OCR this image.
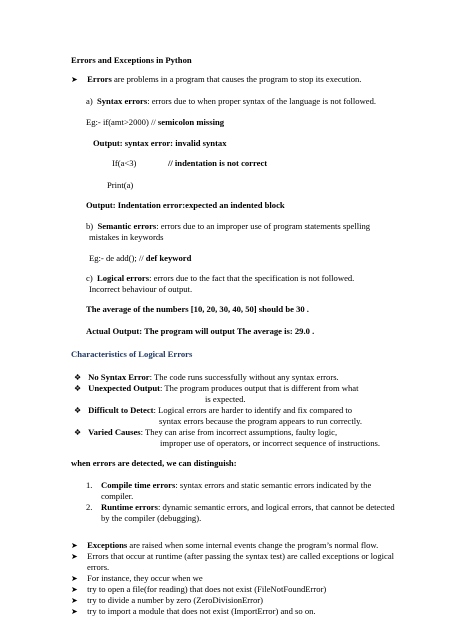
Errors and Exceptions in Python
➤ Errors are problems in a program that causes the program to stop its execution.
a) Syntax errors: errors due to when proper syntax of the language is not followed.
Eg:- if(amt>2000) // semicolon missing
Output: syntax error: invalid syntax
If(a<3)	// indentation is not correct
Print(a)
Output: Indentation error:expected an indented block
b) Semantic errors: errors due to an improper use of program statements spelling
mistakes in keywords
Eg:- de add(); // def keyword
c) Logical errors: errors due to the fact that the specification is not followed.
Incorrect behaviour of output.
The average of the numbers [10, 20, 30, 40, 50] should be 30 .
Actual Output: The program will output The average is: 29.0 .
Characteristics of Logical Errors
❖ No Syntax Error: The code runs successfully without any syntax errors.
❖ Unexpected Output: The program produces output that is different from what
is expected.
❖ Difficult to Detect: Logical errors are harder to identify and fix compared to
syntax errors because the program appears to run correctly.
❖ Varied Causes: They can arise from incorrect assumptions, faulty logic,
improper use of operators, or incorrect sequence of instructions.
when errors are detected, we can distinguish:
1. Compile time errors: syntax errors and static semantic errors indicated by the
compiler.
2. Runtime errors: dynamic semantic errors, and logical errors, that cannot be detected
by the compiler (debugging).
➤ Exceptions are raised when some internal events change the program’s normal flow.
➤ Errors that occur at runtime (after passing the syntax test) are called exceptions or logical
errors.
➤ For instance, they occur when we
➤ try to open a file(for reading) that does not exist (FileNotFoundError)
➤ try to divide a number by zero (ZeroDivisionError)
➤ try to import a module that does not exist (ImportError) and so on.
